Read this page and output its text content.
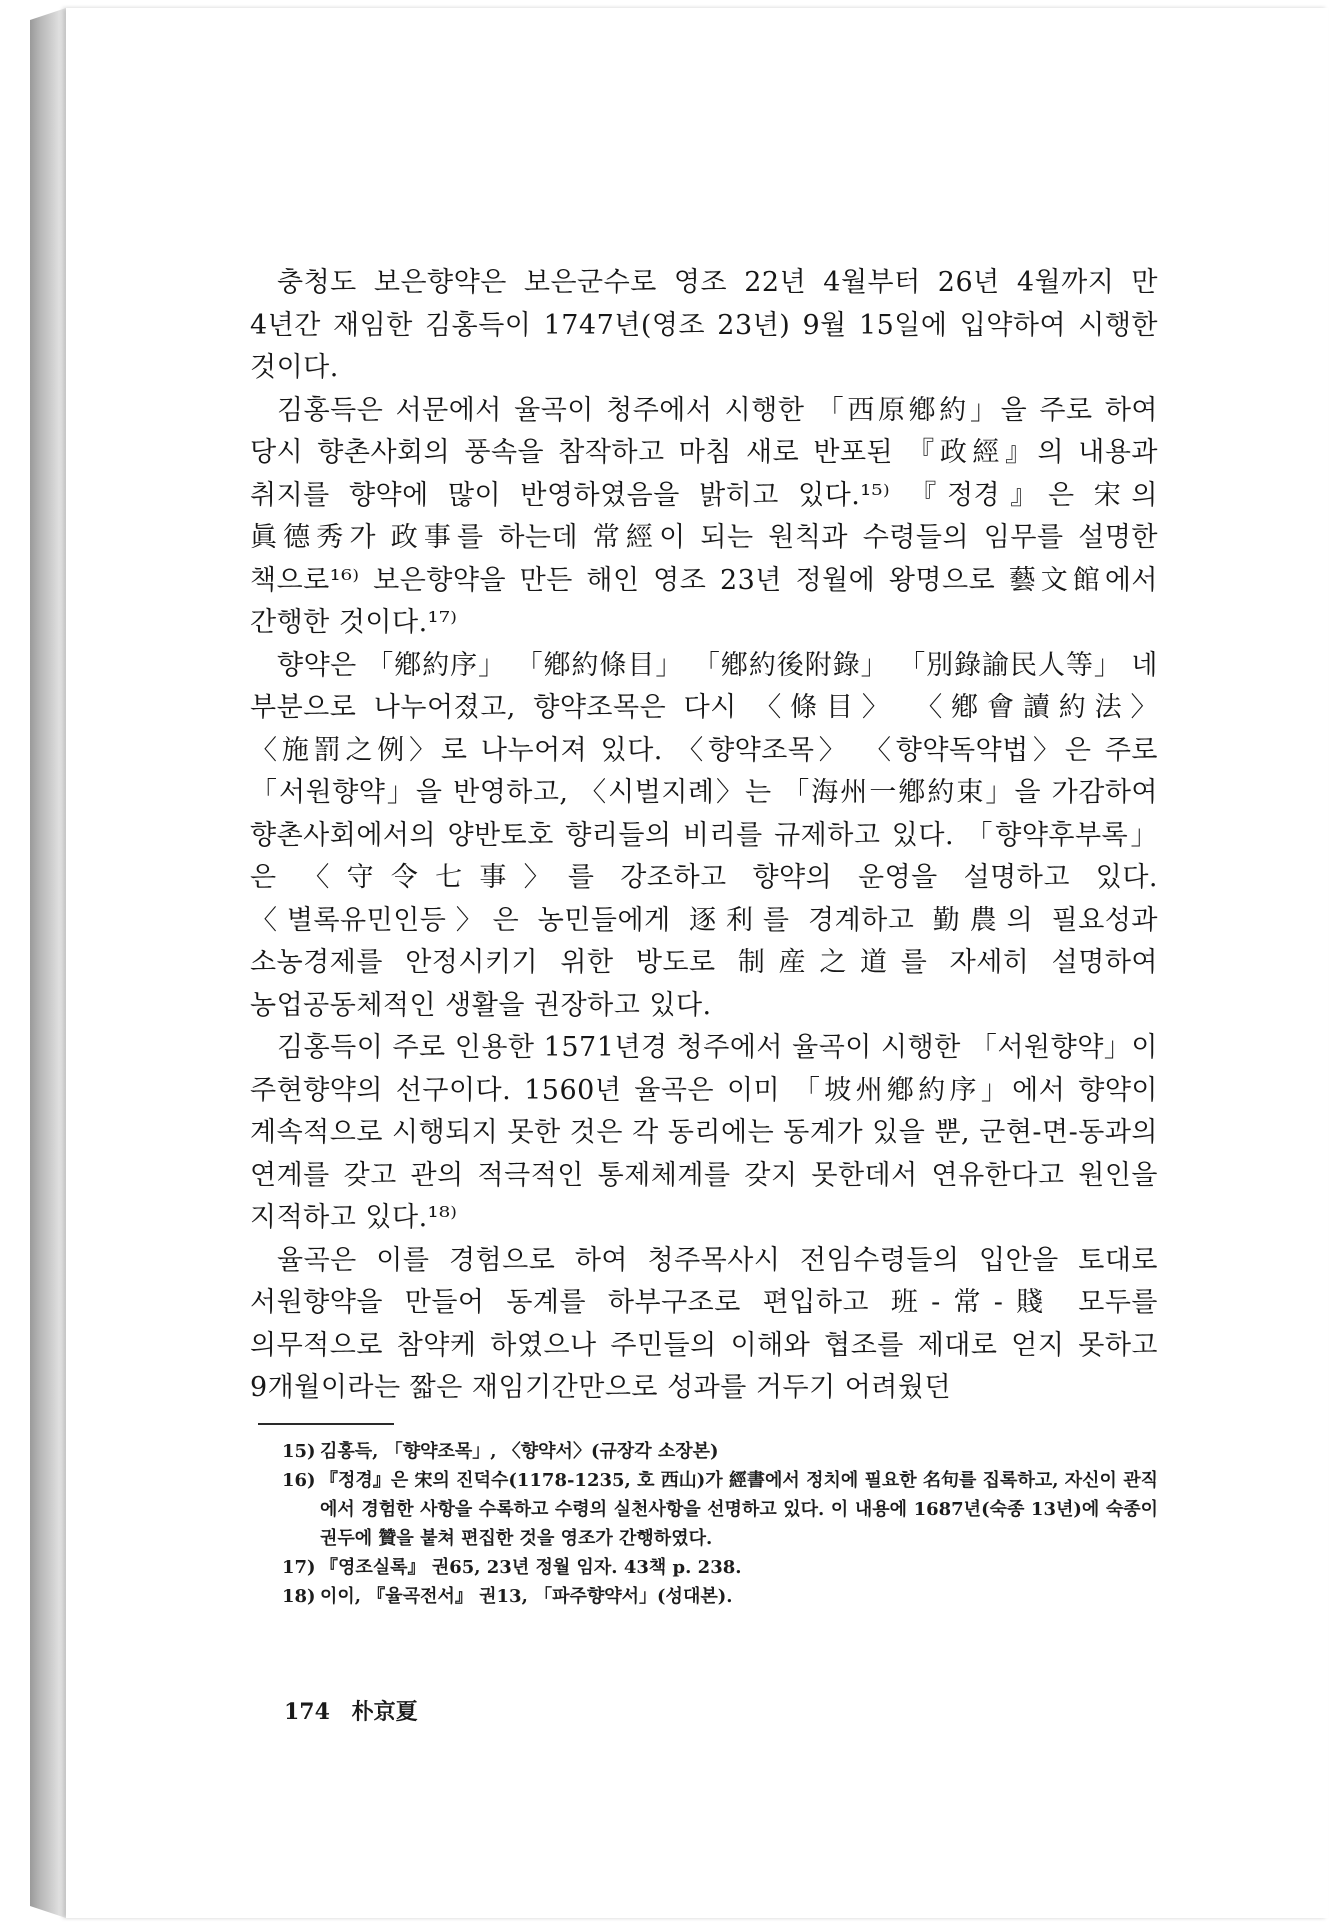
충청도 보은향약은 보은군수로 영조 22년 4월부터 26년 4월까지 만 4년간 재임한 김홍득이 1747년(영조 23년) 9월 15일에 입약하여 시행한 것이다.

김홍득은 서문에서 율곡이 청주에서 시행한 「西原鄕約」을 주로 하여 당시 향촌사회의 풍속을 참작하고 마침 새로 반포된 『政經』의 내용과 취지를 향약에 많이 반영하였음을 밝히고 있다.¹⁵⁾ 『정경』은 宋의 眞德秀가 政事를 하는데 常經이 되는 원칙과 수령들의 임무를 설명한 책으로¹⁶⁾ 보은향약을 만든 해인 영조 23년 정월에 왕명으로 藝文館에서 간행한 것이다.¹⁷⁾

향약은 「鄕約序」 「鄕約條目」 「鄕約後附錄」 「別錄諭民人等」 네 부분으로 나누어졌고, 향약조목은 다시 〈條目〉 〈鄕會讀約法〉 〈施罰之例〉로 나누어져 있다. 〈향약조목〉 〈향약독약법〉은 주로 「서원향약」을 반영하고, 〈시벌지례〉는 「海州一鄕約束」을 가감하여 향촌사회에서의 양반토호 향리들의 비리를 규제하고 있다. 「향약후부록」은 〈守令七事〉를 강조하고 향약의 운영을 설명하고 있다. 〈별록유민인등〉은 농민들에게 逐利를 경계하고 勤農의 필요성과 소농경제를 안정시키기 위한 방도로 制産之道를 자세히 설명하여 농업공동체적인 생활을 권장하고 있다.

김홍득이 주로 인용한 1571년경 청주에서 율곡이 시행한 「서원향약」이 주현향약의 선구이다. 1560년 율곡은 이미 「坡州鄕約序」에서 향약이 계속적으로 시행되지 못한 것은 각 동리에는 동계가 있을 뿐, 군현-면-동과의 연계를 갖고 관의 적극적인 통제체계를 갖지 못한데서 연유한다고 원인을 지적하고 있다.¹⁸⁾

율곡은 이를 경험으로 하여 청주목사시 전임수령들의 입안을 토대로 서원향약을 만들어 동계를 하부구조로 편입하고 班-常-賤 모두를 의무적으로 참약케 하였으나 주민들의 이해와 협조를 제대로 얻지 못하고 9개월이라는 짧은 재임기간만으로 성과를 거두기 어려웠던

15) 김홍득, 「향약조목」, 〈향약서〉(규장각 소장본)

16) 『정경』은 宋의 진덕수(1178-1235, 호 西山)가 經書에서 정치에 필요한 名句를 집록하고, 자신이 관직에서 경험한 사항을 수록하고 수령의 실천사항을 선명하고 있다. 이 내용에 1687년(숙종 13년)에 숙종이 권두에 贊을 붙쳐 편집한 것을 영조가 간행하였다.

17) 『영조실록』 권65, 23년 정월 임자. 43책 p. 238.

18) 이이, 『율곡전서』 권13, 「파주향약서」(성대본).

174 朴京夏
